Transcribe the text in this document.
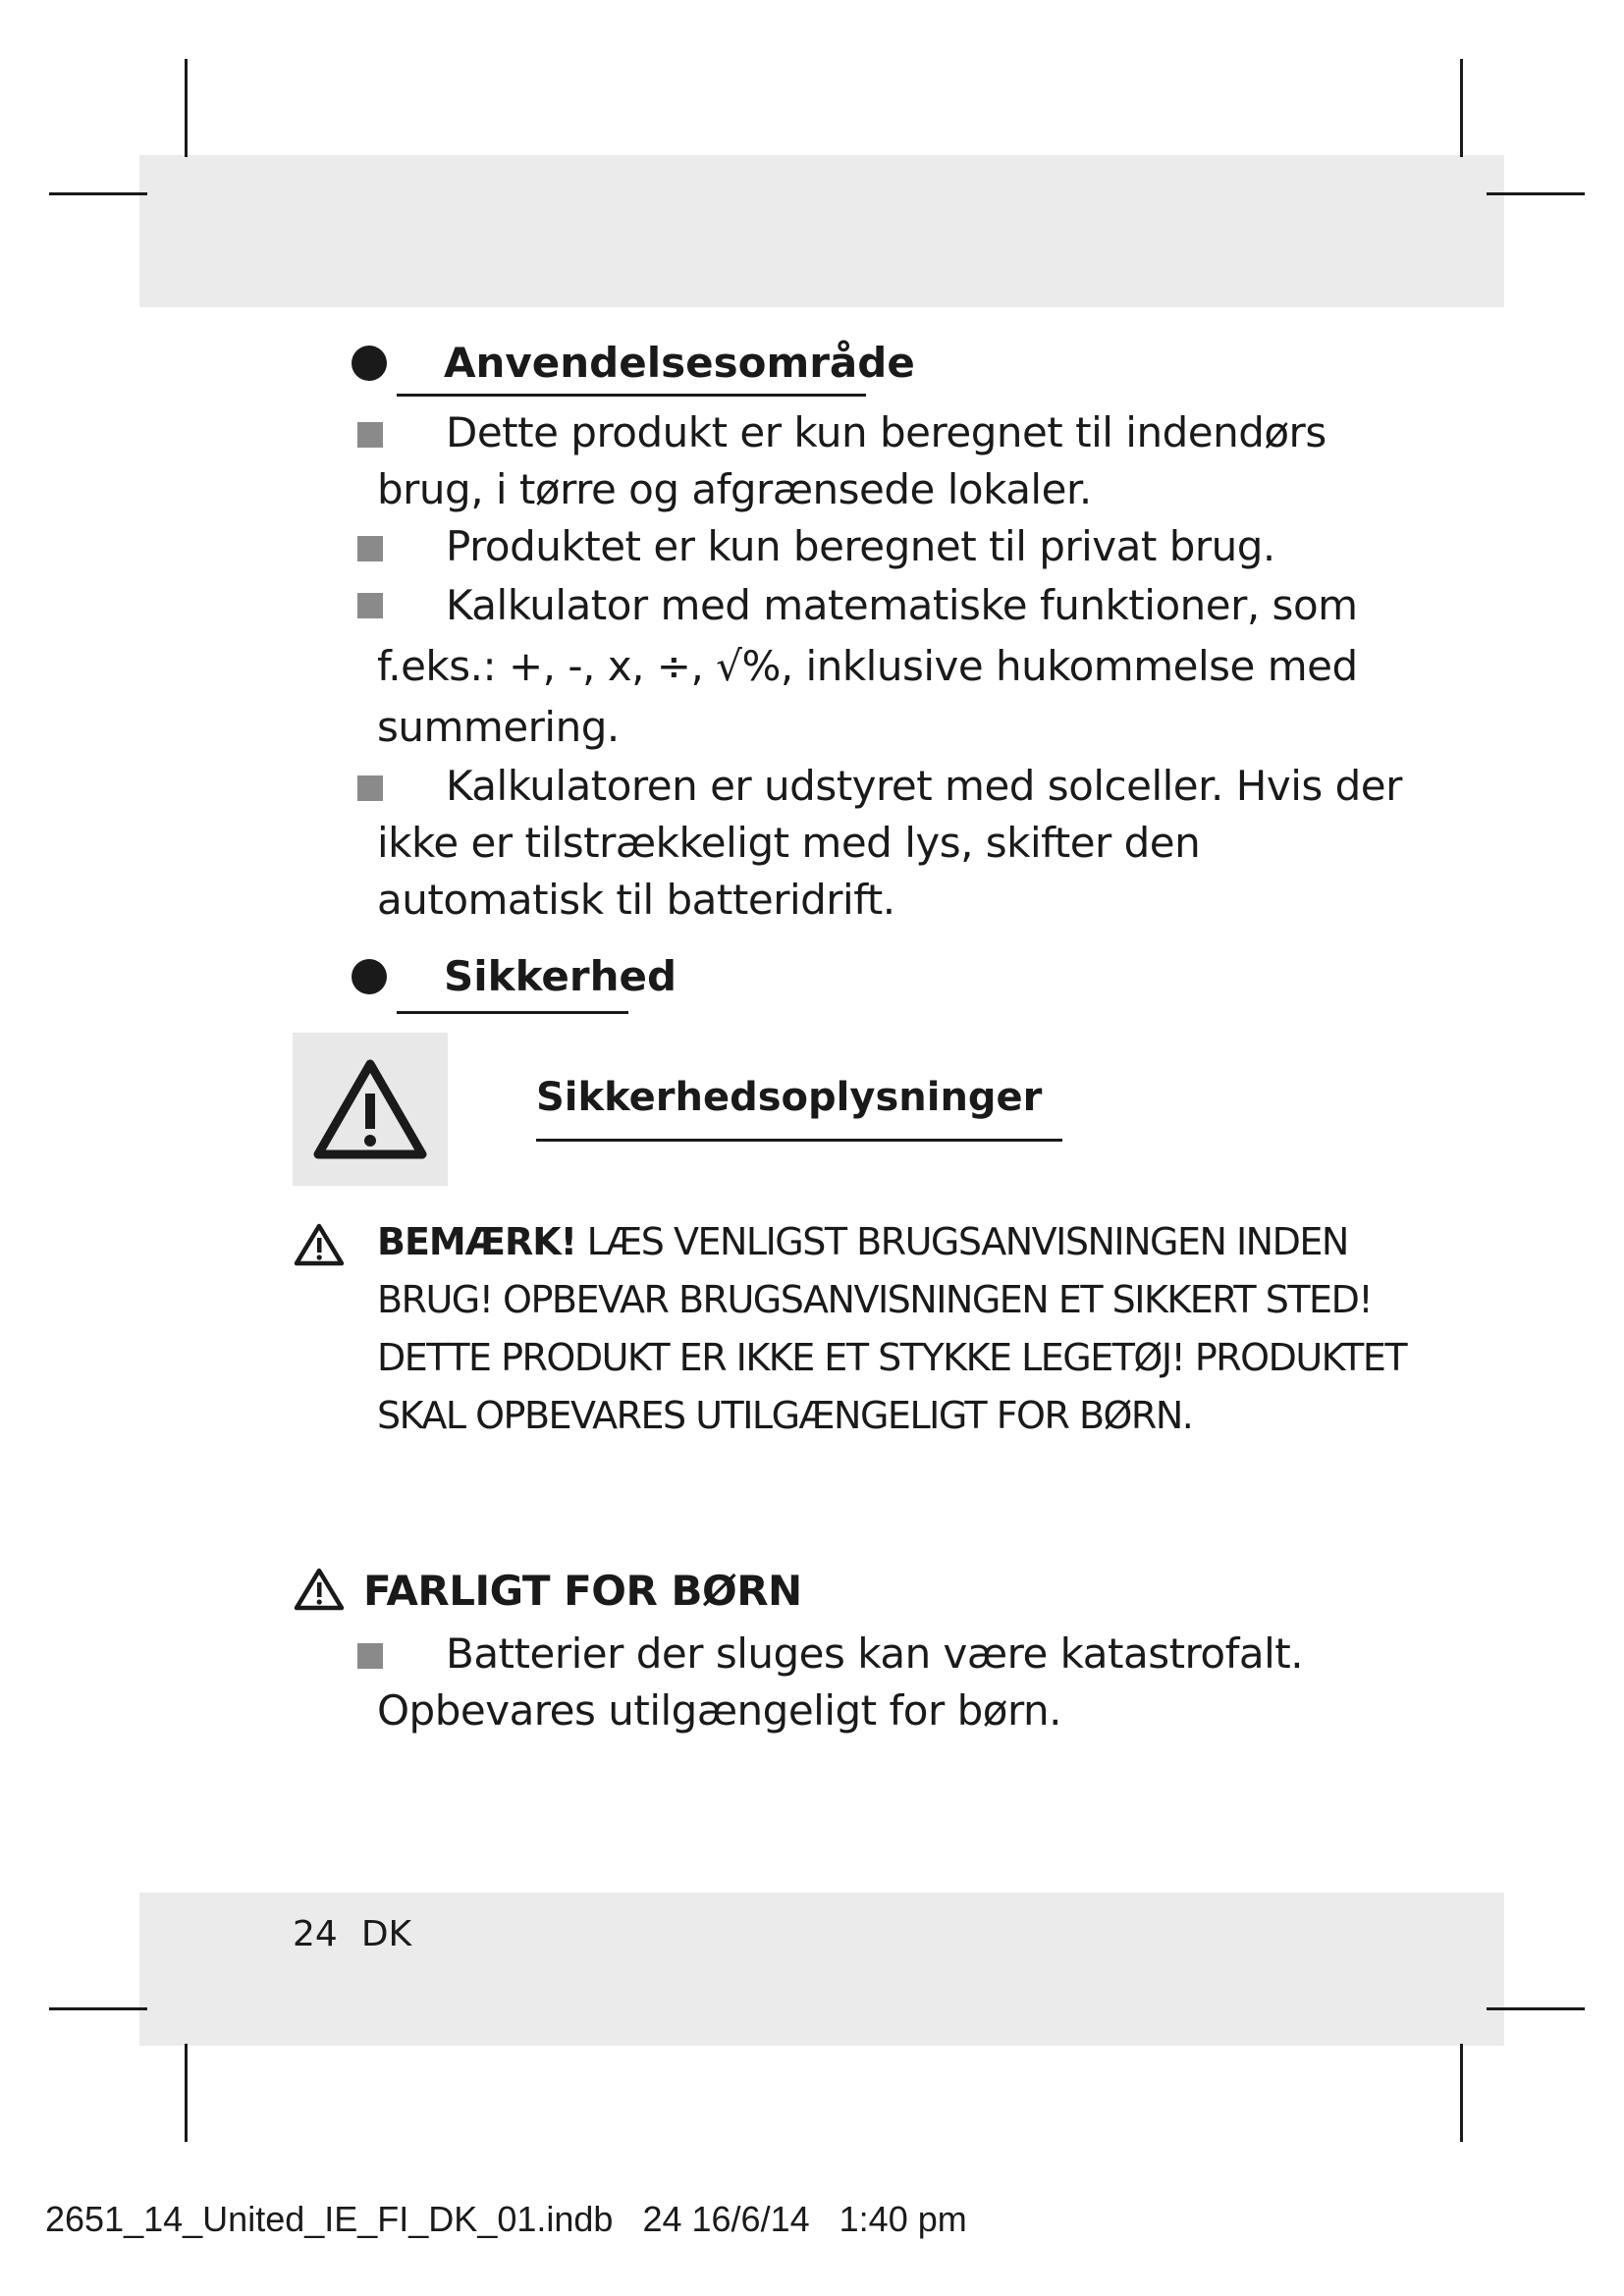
Anvendelsesområde
Dette produkt er kun beregnet til indendørs brug, i tørre og afgrænsede lokaler.
Produktet er kun beregnet til privat brug.
Kalkulator med matematiske funktioner, som f.eks.: +, -, x, ÷, √%, inklusive hukommelse med summering.
Kalkulatoren er udstyret med solceller. Hvis der ikke er tilstrækkeligt med lys, skifter den automatisk til batteridrift.
Sikkerhed
Sikkerhedsoplysninger
BEMÆRK! LÆS VENLIGST BRUGSANVISNINGEN INDEN BRUG! OPBEVAR BRUGSANVISNINGEN ET SIKKERT STED! DETTE PRODUKT ER IKKE ET STYKKE LEGETØJ! PRODUKTET SKAL OPBEVARES UTILGÆNGELIGT FOR BØRN.
FARLIGT FOR BØRN
Batterier der sluges kan være katastrofalt. Opbevares utilgængeligt for børn.
24 DK
2651_14_United_IE_FI_DK_01.indb   24 16/6/14 1:40 pm
